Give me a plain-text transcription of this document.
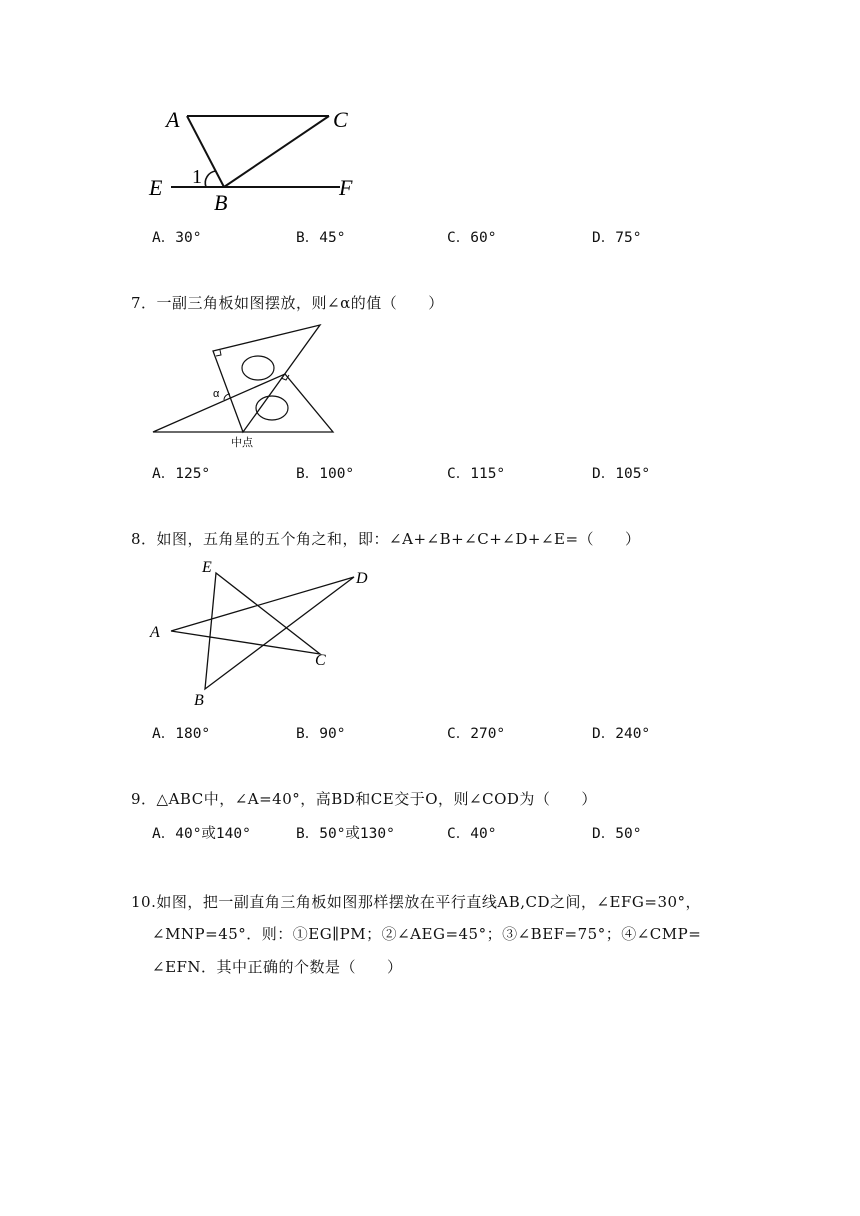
A	C
E	F
B
1
A．30°	B．45°	C．60°	D．75°
7．一副三角板如图摆放，则∠α的值（　　）
α
中点
A．125°	B．100°	C．115°	D．105°
8．如图，五角星的五个角之和，即：∠A+∠B+∠C+∠D+∠E=（　　）
E
D
A
C
B
A．180°	B．90°	C．270°	D．240°
9．△ABC中，∠A=40°，高BD和CE交于O，则∠COD为（　　）
A．40°或140°	B．50°或130°	C．40°	D．50°
10.如图，把一副直角三角板如图那样摆放在平行直线AB,CD之间，∠EFG=30°，
∠MNP=45°．则：①EG∥PM；②∠AEG=45°；③∠BEF=75°；④∠CMP=
∠EFN．其中正确的个数是（　　）
